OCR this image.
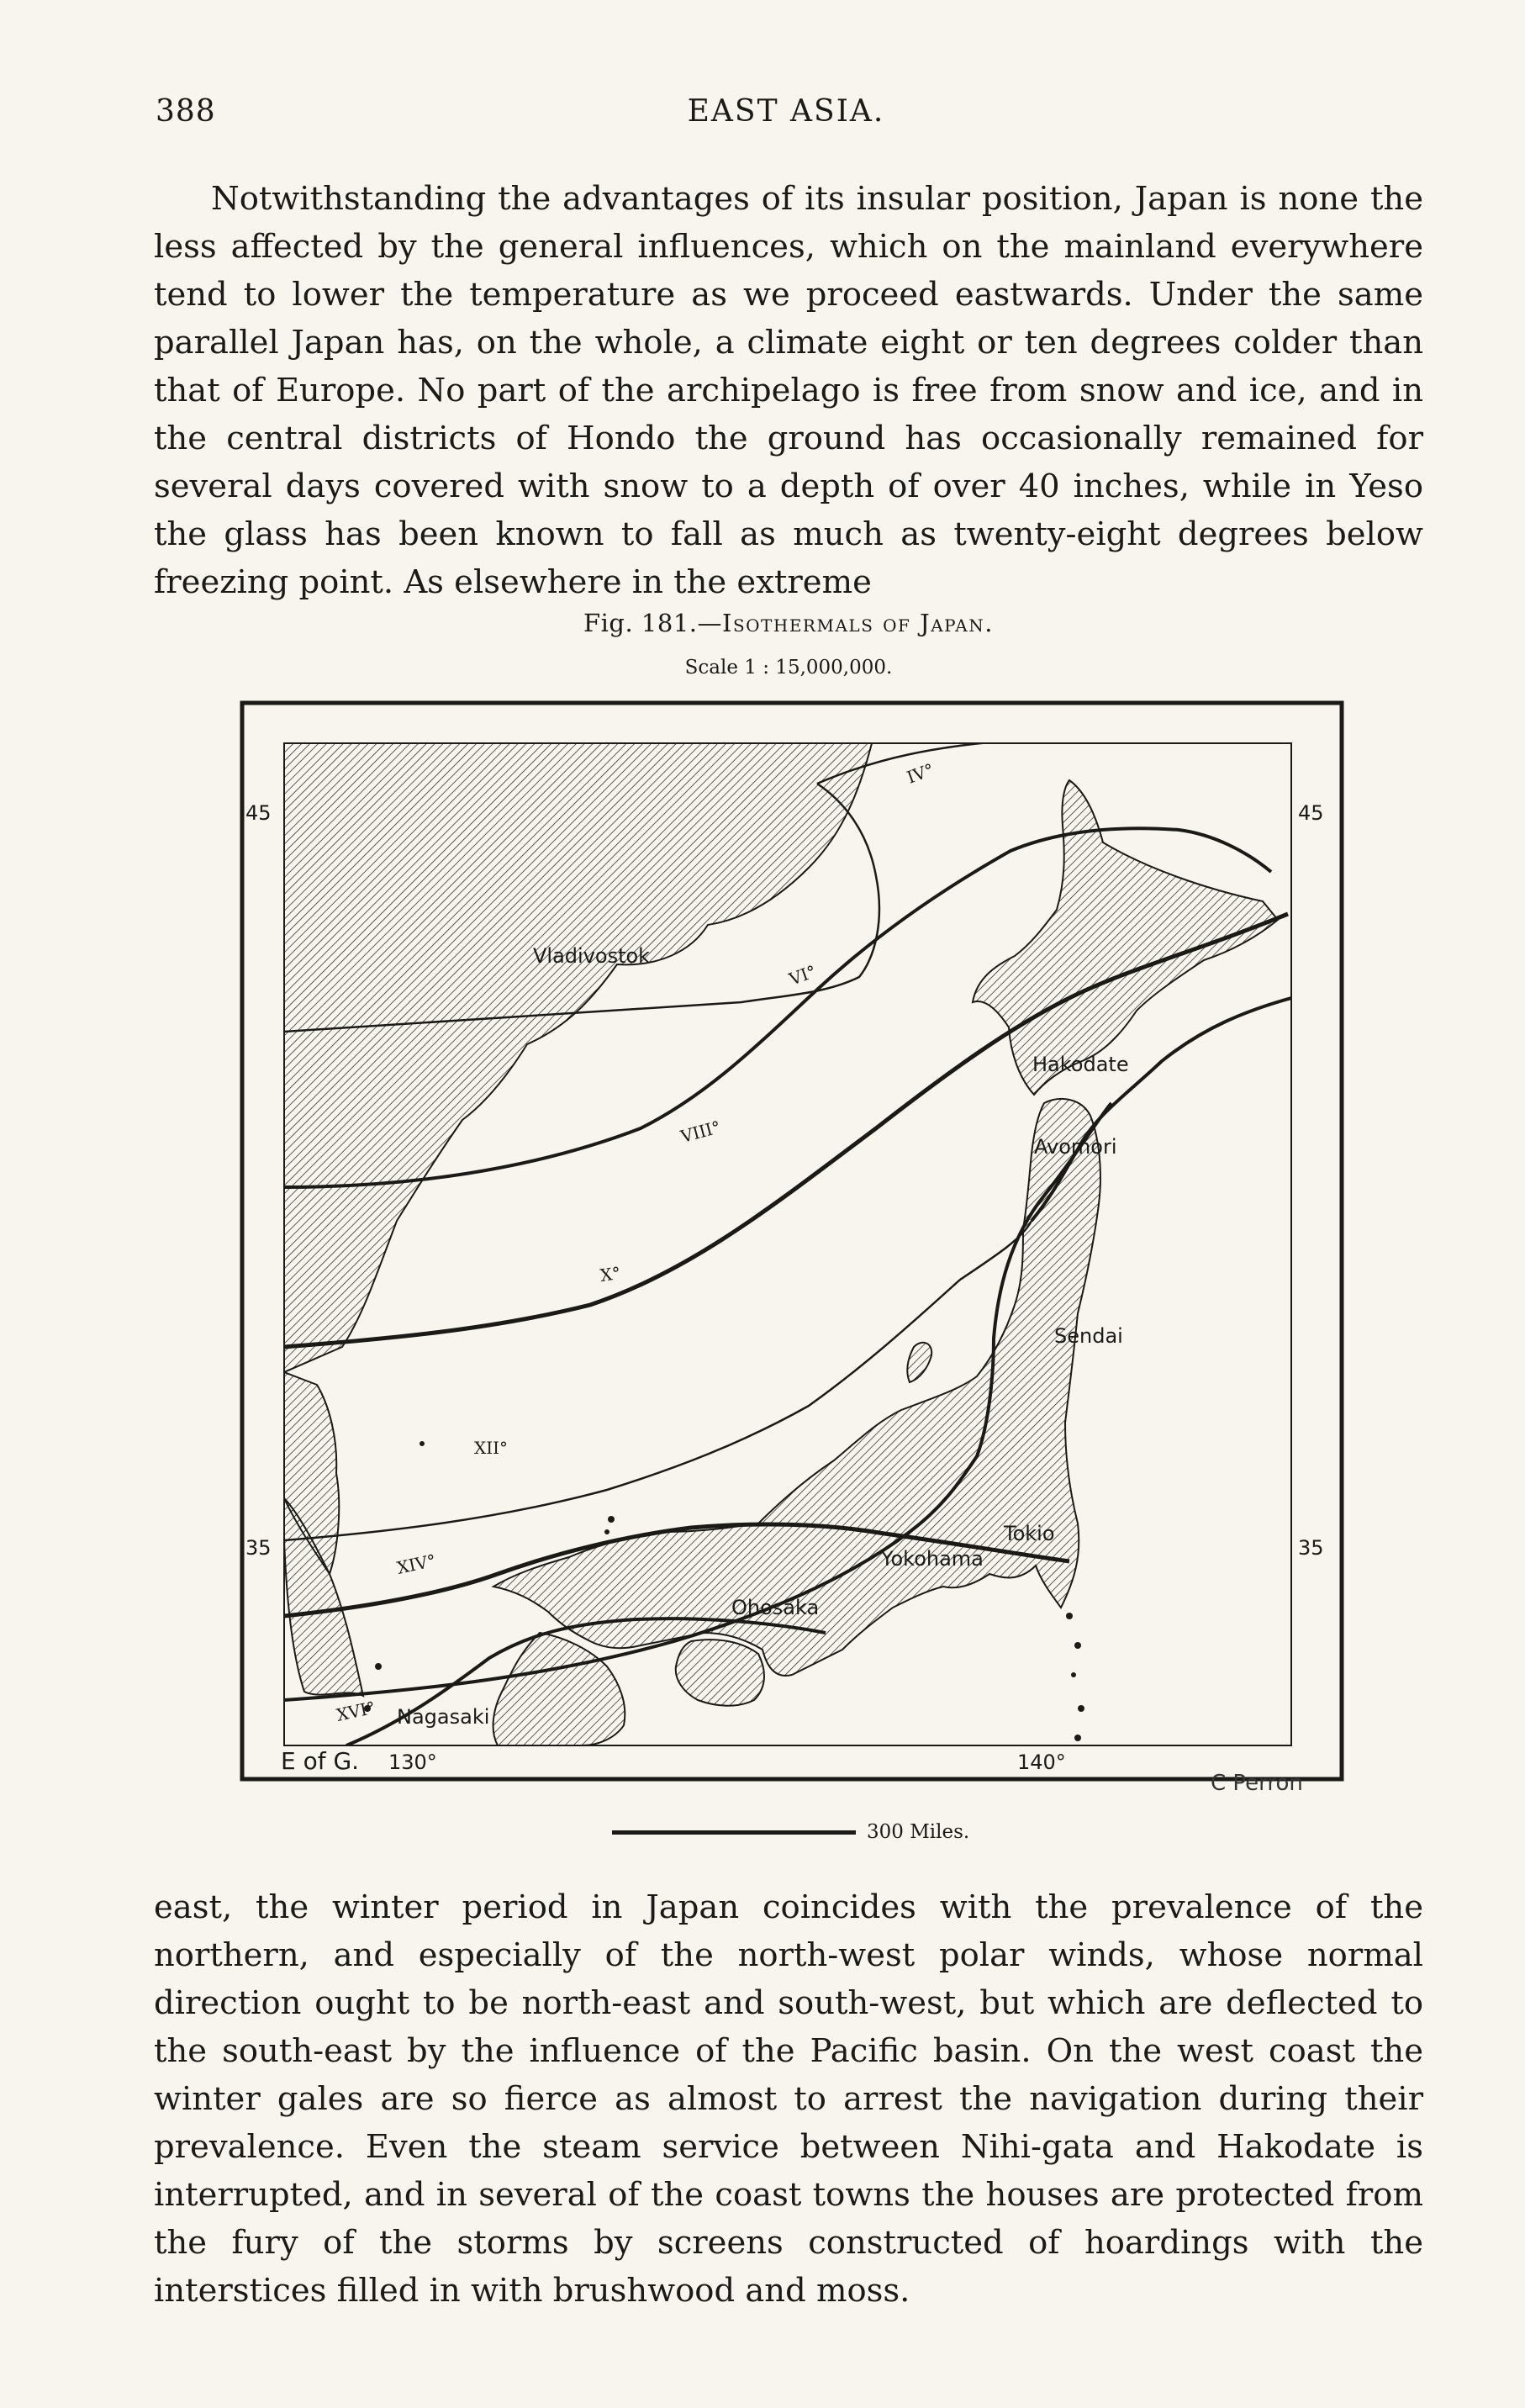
388	EAST ASIA.

Notwithstanding the advantages of its insular position, Japan is none the less affected by the general influences, which on the mainland everywhere tend to lower the temperature as we proceed eastwards. Under the same parallel Japan has, on the whole, a climate eight or ten degrees colder than that of Europe. No part of the archipelago is free from snow and ice, and in the central districts of Hondo the ground has occasionally remained for several days covered with snow to a depth of over 40 inches, while in Yeso the glass has been known to fall as much as twenty-eight degrees below freezing point. As elsewhere in the extreme

Fig. 181.—Isothermals of Japan.
Scale 1 : 15,000,000.
45	45
35	35
E of G. 130°	140°
Vladivostok
Hakodate
Avomori
Sendai
Tokio
Yokohama
Ohosaka
Nagasaki
IV°
VI°
VIII°
X°
XII°
XIV°
XVI°
C Perron
300 Miles.

east, the winter period in Japan coincides with the prevalence of the northern, and especially of the north-west polar winds, whose normal direction ought to be north-east and south-west, but which are deflected to the south-east by the influence of the Pacific basin. On the west coast the winter gales are so fierce as almost to arrest the navigation during their prevalence. Even the steam service between Nihi-gata and Hakodate is interrupted, and in several of the coast towns the houses are protected from the fury of the storms by screens constructed of hoardings with the interstices filled in with brushwood and moss.
